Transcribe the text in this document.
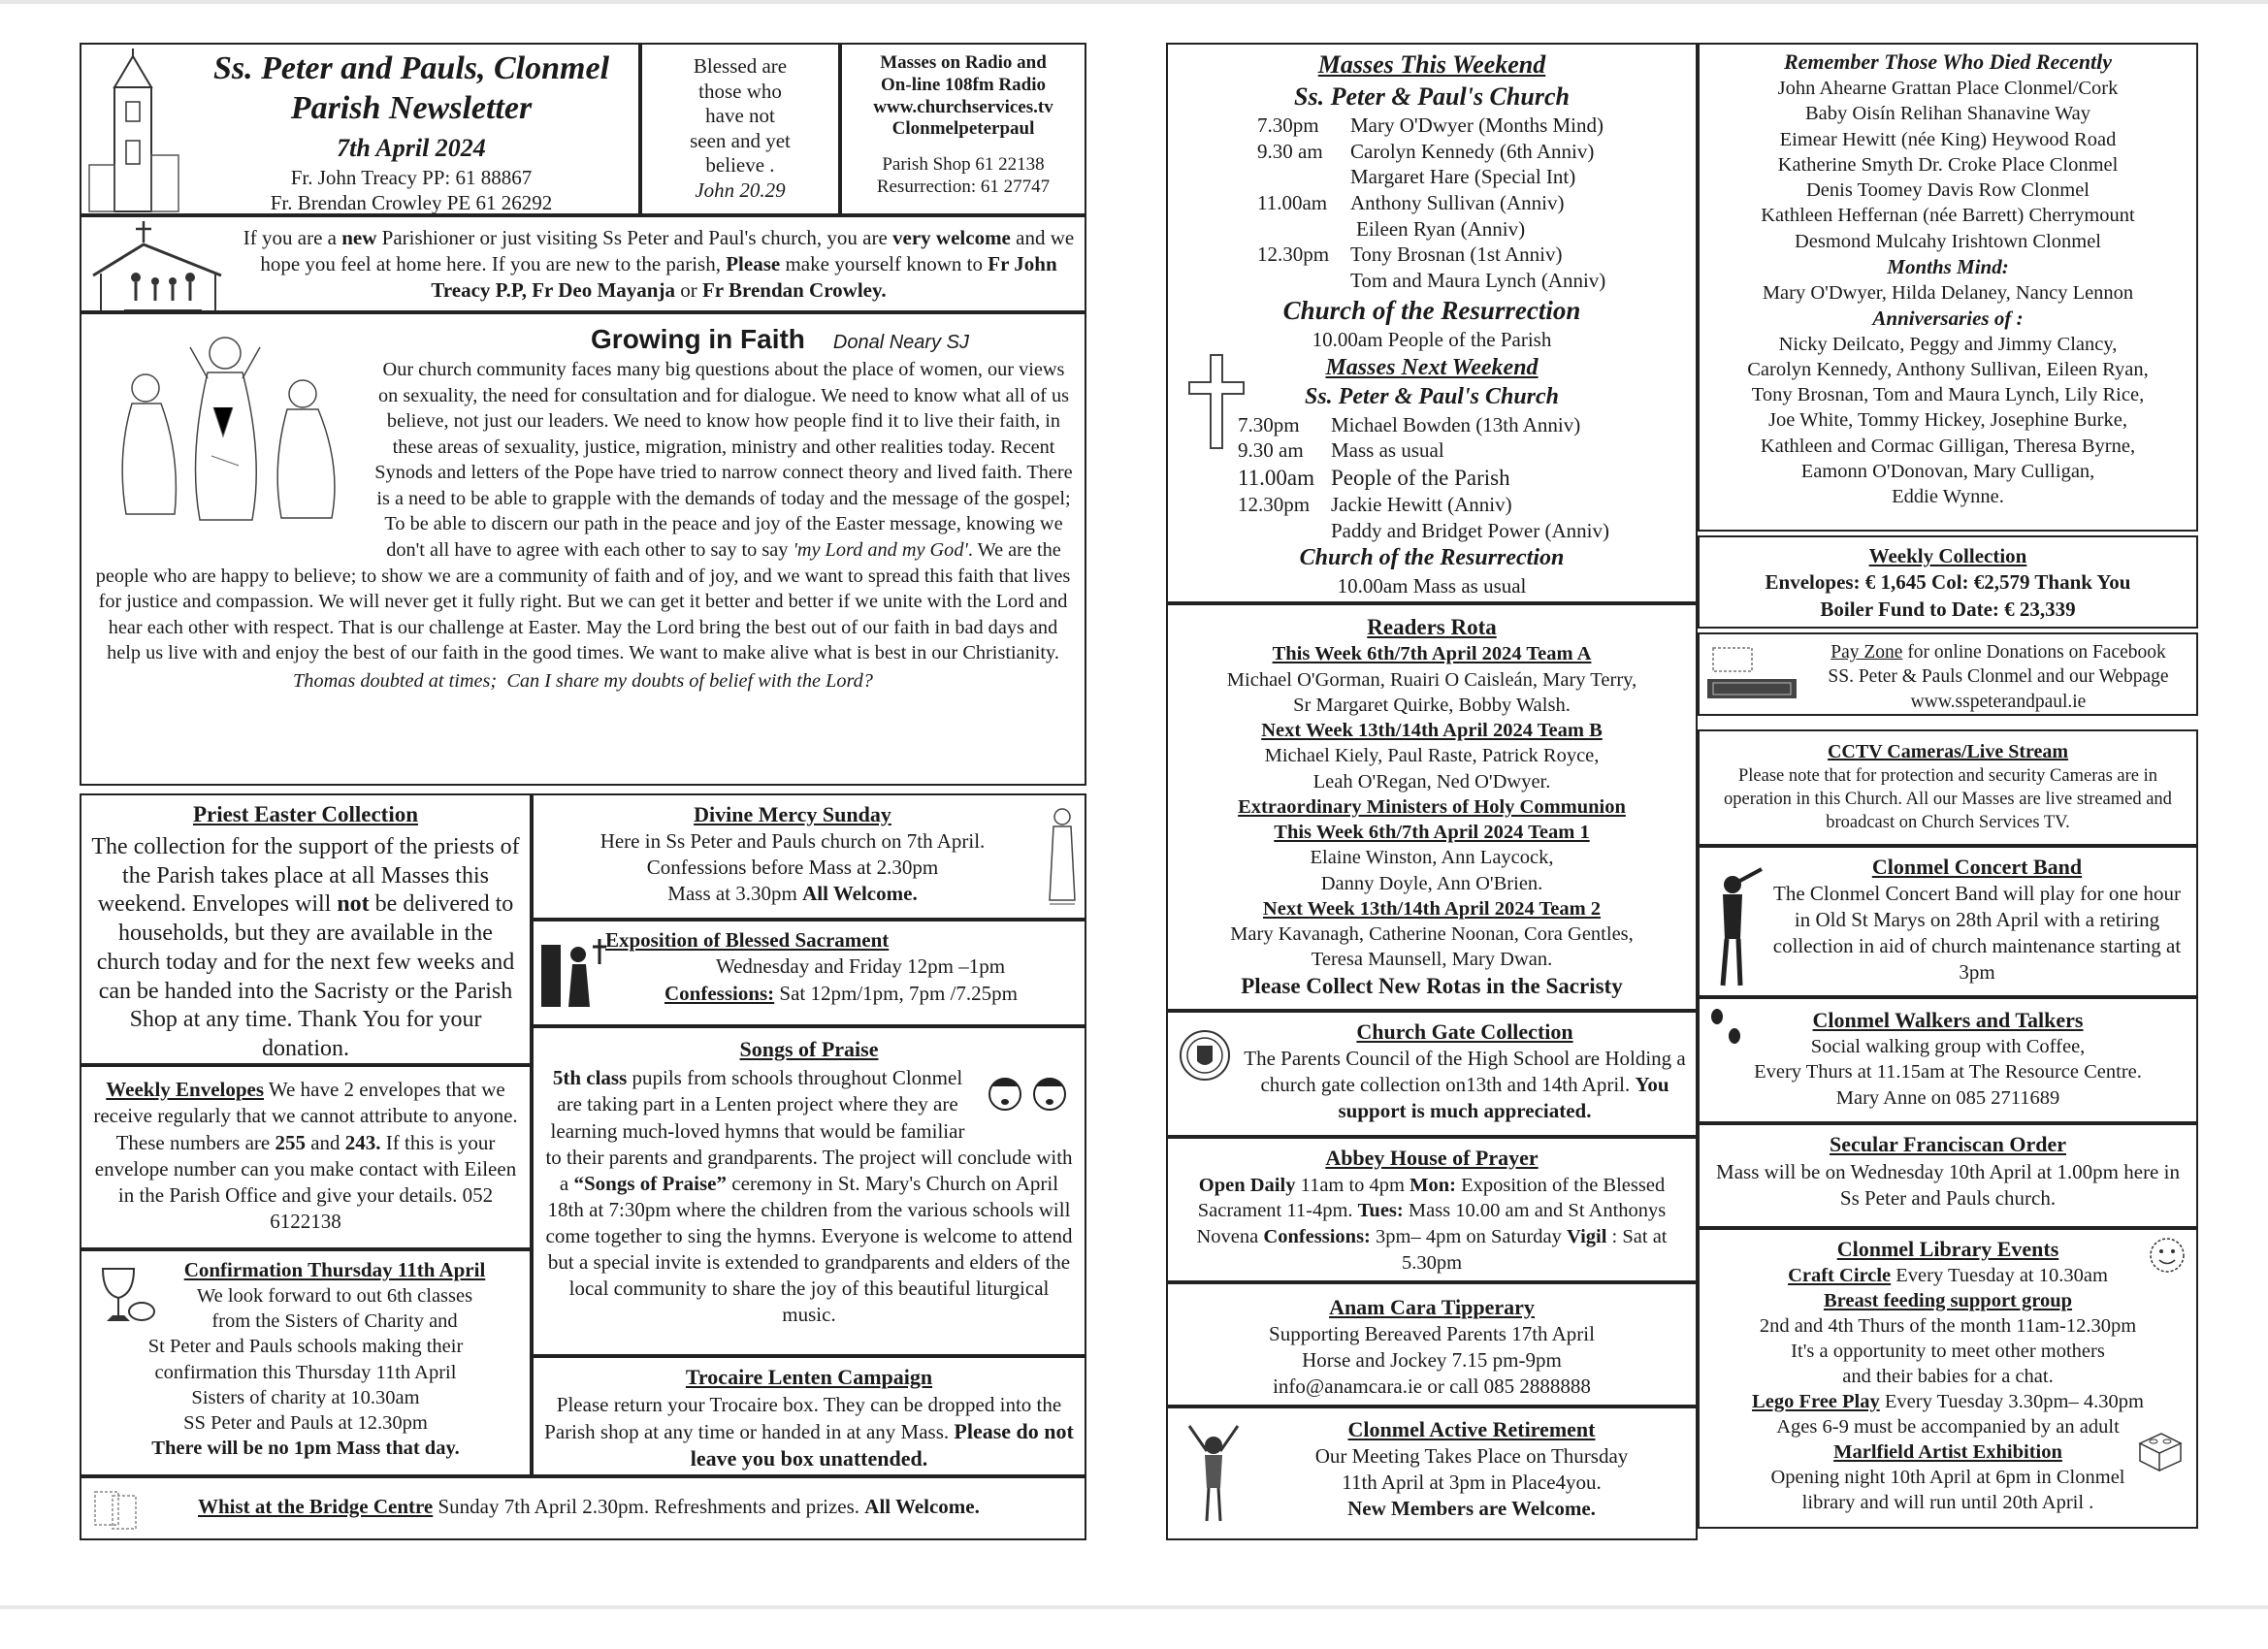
Ss. Peter and Pauls, Clonmel
Parish Newsletter
7th April 2024
Fr. John Treacy PP: 61 88867
Fr. Brendan Crowley PE 61 26292
Blessed are
those who
have not
seen and yet
believe .
John 20.29
Masses on Radio and
On-line 108fm Radio
www.churchservices.tv
Clonmelpeterpaul
Parish Shop 61 22138
Resurrection: 61 27747
If you are a new Parishioner or just visiting Ss Peter and Paul's church, you are very welcome and we hope you feel at home here. If you are new to the parish, Please make yourself known to Fr John Treacy P.P, Fr Deo Mayanja or Fr Brendan Crowley.
Growing in Faith Donal Neary SJ
Our church community faces many big questions about the place of women, our views on sexuality, the need for consultation and for dialogue. We need to know what all of us believe, not just our leaders. We need to know how people find it to live their faith, in these areas of sexuality, justice, migration, ministry and other realities today. Recent Synods and letters of the Pope have tried to narrow connect theory and lived faith. There is a need to be able to grapple with the demands of today and the message of the gospel; To be able to discern our path in the peace and joy of the Easter message, knowing we don't all have to agree with each other to say to say 'my Lord and my God'. We are the people who are happy to believe; to show we are a community of faith and of joy, and we want to spread this faith that lives for justice and compassion. We will never get it fully right. But we can get it better and better if we unite with the Lord and hear each other with respect. That is our challenge at Easter. May the Lord bring the best out of our faith in bad days and help us live with and enjoy the best of our faith in the good times. We want to make alive what is best in our Christianity.
Thomas doubted at times; Can I share my doubts of belief with the Lord?
Priest Easter Collection
The collection for the support of the priests of the Parish takes place at all Masses this weekend. Envelopes will not be delivered to households, but they are available in the church today and for the next few weeks and can be handed into the Sacristy or the Parish Shop at any time. Thank You for your donation.
Weekly Envelopes We have 2 envelopes that we receive regularly that we cannot attribute to anyone. These numbers are 255 and 243. If this is your envelope number can you make contact with Eileen in the Parish Office and give your details. 052 6122138
Confirmation Thursday 11th April
We look forward to out 6th classes
from the Sisters of Charity and
St Peter and Pauls schools making their
confirmation this Thursday 11th April
Sisters of charity at 10.30am
SS Peter and Pauls at 12.30pm
There will be no 1pm Mass that day.
Divine Mercy Sunday
Here in Ss Peter and Pauls church on 7th April.
Confessions before Mass at 2.30pm
Mass at 3.30pm All Welcome.
Exposition of Blessed Sacrament
Wednesday and Friday 12pm –1pm
Confessions: Sat 12pm/1pm, 7pm /7.25pm
Songs of Praise
5th class pupils from schools throughout Clonmel are taking part in a Lenten project where they are learning much-loved hymns that would be familiar to their parents and grandparents. The project will conclude with a “Songs of Praise” ceremony in St. Mary's Church on April 18th at 7:30pm where the children from the various schools will come together to sing the hymns. Everyone is welcome to attend but a special invite is extended to grandparents and elders of the local community to share the joy of this beautiful liturgical music.
Trocaire Lenten Campaign
Please return your Trocaire box. They can be dropped into the Parish shop at any time or handed in at any Mass. Please do not leave you box unattended.
Whist at the Bridge Centre Sunday 7th April 2.30pm. Refreshments and prizes. All Welcome.
Masses This Weekend
Ss. Peter & Paul's Church
7.30pm	Mary O'Dwyer (Months Mind)
9.30 am	Carolyn Kennedy (6th Anniv)
Margaret Hare (Special Int)
11.00am	Anthony Sullivan (Anniv)
Eileen Ryan (Anniv)
12.30pm	Tony Brosnan (1st Anniv)
Tom and Maura Lynch (Anniv)
Church of the Resurrection
10.00am People of the Parish
Masses Next Weekend
Ss. Peter & Paul's Church
7.30pm	Michael Bowden (13th Anniv)
9.30 am	Mass as usual
11.00am People of the Parish
12.30pm	Jackie Hewitt (Anniv)
Paddy and Bridget Power (Anniv)
Church of the Resurrection
10.00am Mass as usual
Readers Rota
This Week 6th/7th April 2024 Team A
Michael O'Gorman, Ruairi O Caisleán, Mary Terry,
Sr Margaret Quirke, Bobby Walsh.
Next Week 13th/14th April 2024 Team B
Michael Kiely, Paul Raste, Patrick Royce,
Leah O'Regan, Ned O'Dwyer.
Extraordinary Ministers of Holy Communion
This Week 6th/7th April 2024 Team 1
Elaine Winston, Ann Laycock,
Danny Doyle, Ann O'Brien.
Next Week 13th/14th April 2024 Team 2
Mary Kavanagh, Catherine Noonan, Cora Gentles,
Teresa Maunsell, Mary Dwan.
Please Collect New Rotas in the Sacristy
Church Gate Collection
The Parents Council of the High School are Holding a church gate collection on13th and 14th April. You support is much appreciated.
Abbey House of Prayer
Open Daily 11am to 4pm Mon: Exposition of the Blessed Sacrament 11-4pm. Tues: Mass 10.00 am and St Anthonys Novena Confessions: 3pm– 4pm on Saturday Vigil : Sat at 5.30pm
Anam Cara Tipperary
Supporting Bereaved Parents 17th April
Horse and Jockey 7.15 pm-9pm
info@anamcara.ie or call 085 2888888
Clonmel Active Retirement
Our Meeting Takes Place on Thursday
11th April at 3pm in Place4you.
New Members are Welcome.
Remember Those Who Died Recently
John Ahearne Grattan Place Clonmel/Cork
Baby Oisín Relihan Shanavine Way
Eimear Hewitt (née King) Heywood Road
Katherine Smyth Dr. Croke Place Clonmel
Denis Toomey Davis Row Clonmel
Kathleen Heffernan (née Barrett) Cherrymount
Desmond Mulcahy Irishtown Clonmel
Months Mind:
Mary O'Dwyer, Hilda Delaney, Nancy Lennon
Anniversaries of :
Nicky Deilcato, Peggy and Jimmy Clancy,
Carolyn Kennedy, Anthony Sullivan, Eileen Ryan,
Tony Brosnan, Tom and Maura Lynch, Lily Rice,
Joe White, Tommy Hickey, Josephine Burke,
Kathleen and Cormac Gilligan, Theresa Byrne,
Eamonn O'Donovan, Mary Culligan,
Eddie Wynne.
Weekly Collection
Envelopes: € 1,645 Col: €2,579 Thank You
Boiler Fund to Date: € 23,339
Pay Zone for online Donations on Facebook
SS. Peter & Pauls Clonmel and our Webpage
www.sspeterandpaul.ie
CCTV Cameras/Live Stream
Please note that for protection and security Cameras are in operation in this Church. All our Masses are live streamed and broadcast on Church Services TV.
Clonmel Concert Band
The Clonmel Concert Band will play for one hour in Old St Marys on 28th April with a retiring collection in aid of church maintenance starting at 3pm
Clonmel Walkers and Talkers
Social walking group with Coffee,
Every Thurs at 11.15am at The Resource Centre.
Mary Anne on 085 2711689
Secular Franciscan Order
Mass will be on Wednesday 10th April at 1.00pm here in Ss Peter and Pauls church.
Clonmel Library Events
Craft Circle Every Tuesday at 10.30am
Breast feeding support group
2nd and 4th Thurs of the month 11am-12.30pm
It's a opportunity to meet other mothers
and their babies for a chat.
Lego Free Play Every Tuesday 3.30pm– 4.30pm
Ages 6-9 must be accompanied by an adult
Marlfield Artist Exhibition
Opening night 10th April at 6pm in Clonmel
library and will run until 20th April .
